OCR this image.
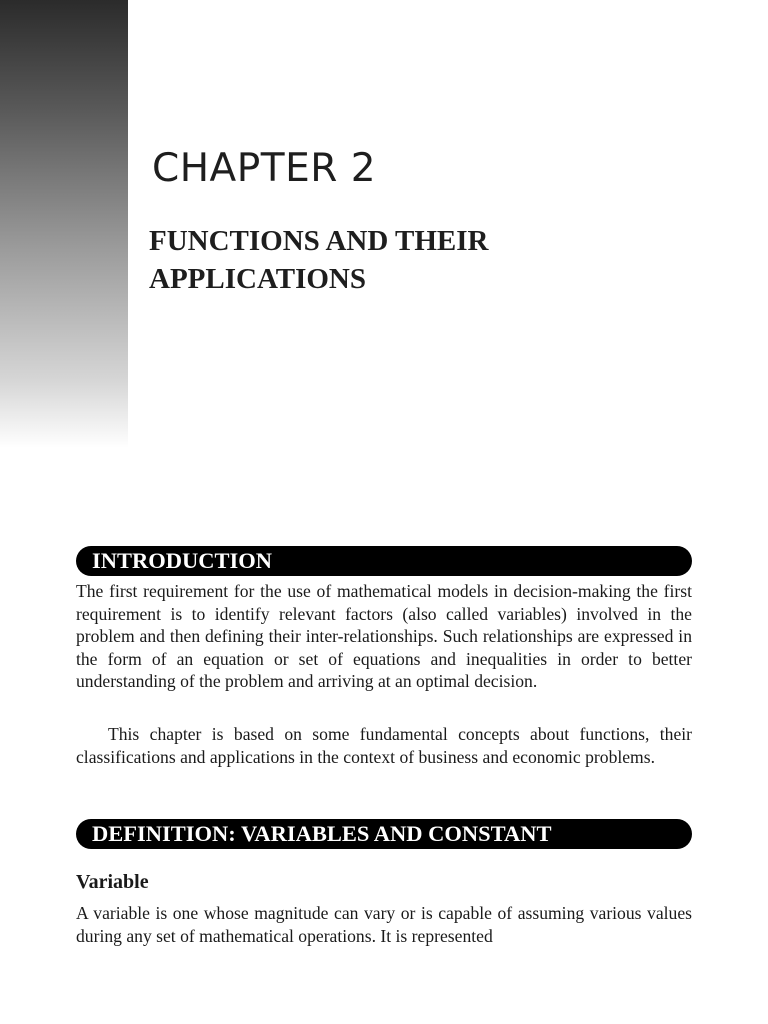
CHAPTER 2
FUNCTIONS AND THEIR
APPLICATIONS
INTRODUCTION

The first requirement for the use of mathematical models in decision-making the first requirement is to identify relevant factors (also called variables) involved in the problem and then defining their inter-relationships. Such relationships are expressed in the form of an equation or set of equations and inequalities in order to better understanding of the problem and arriving at an optimal decision.

This chapter is based on some fundamental concepts about functions, their classifications and applications in the context of business and economic problems.

DEFINITION: VARIABLES AND CONSTANT
Variable

A variable is one whose magnitude can vary or is capable of assuming various values during any set of mathematical operations. It is represented
